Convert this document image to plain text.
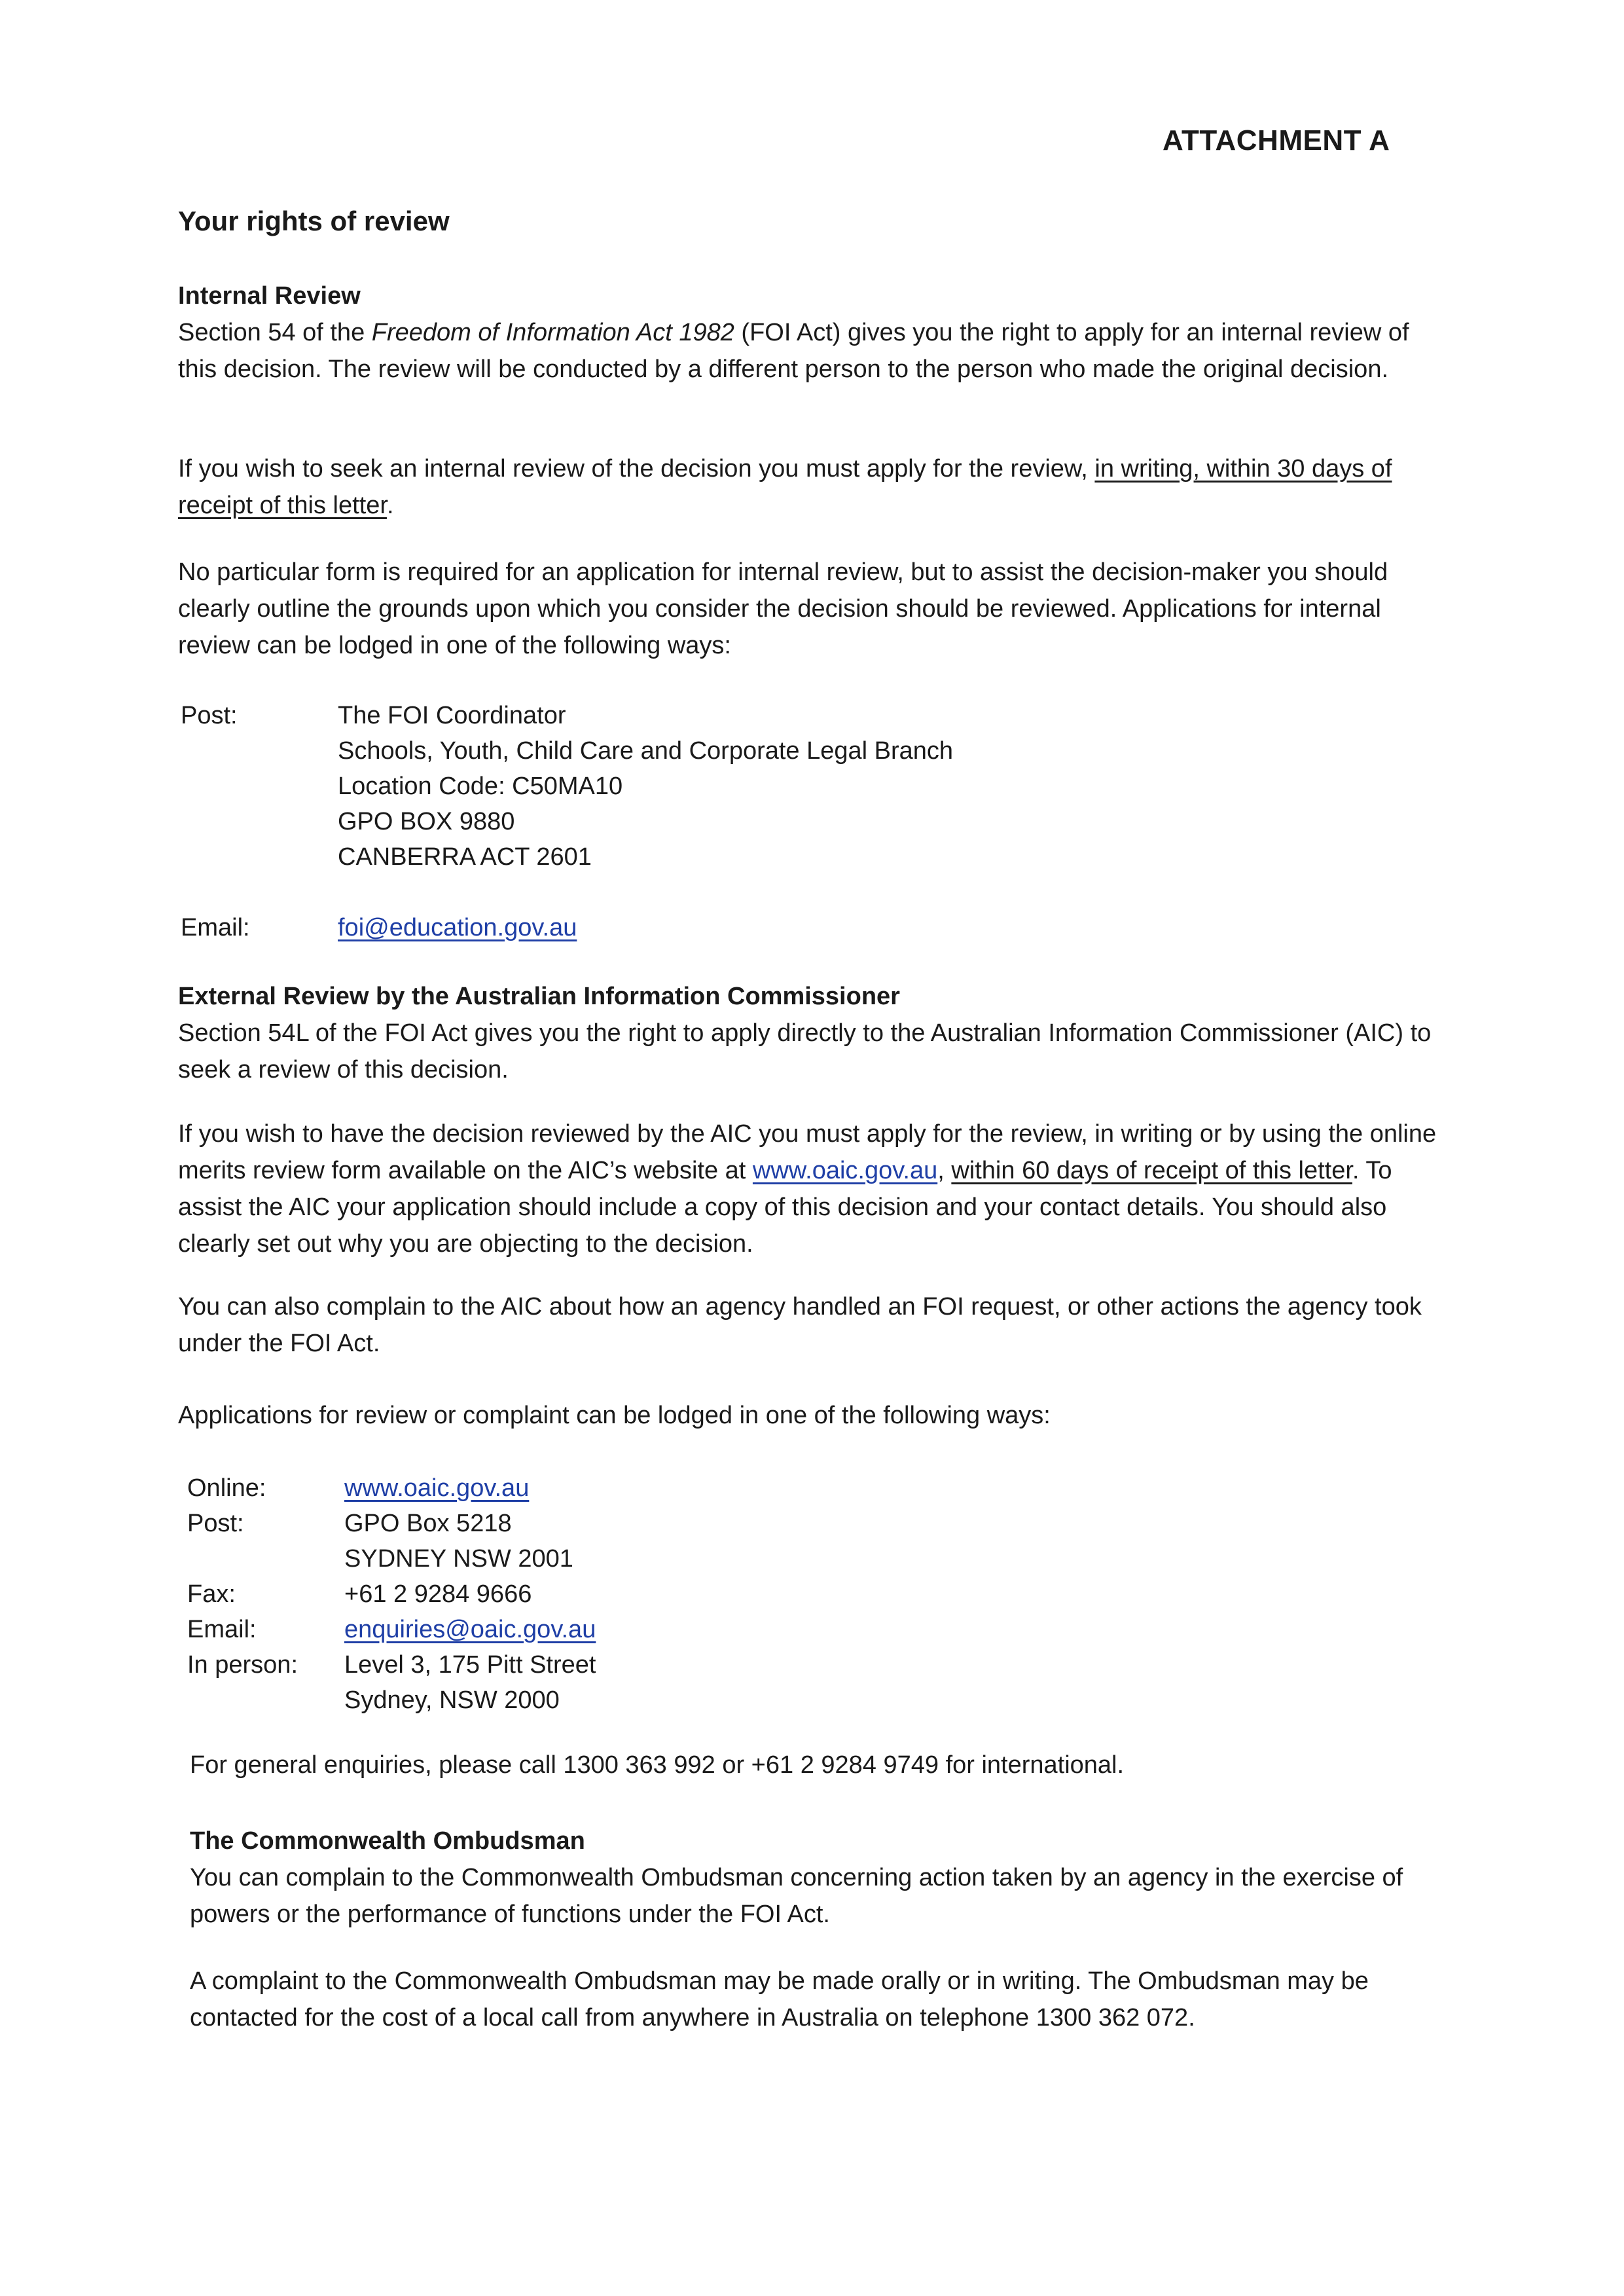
ATTACHMENT A
Your rights of review

Internal Review

Section 54 of the Freedom of Information Act 1982 (FOI Act) gives you the right to apply for an internal review of this decision. The review will be conducted by a different person to the person who made the original decision.

If you wish to seek an internal review of the decision you must apply for the review, in writing, within 30 days of receipt of this letter.

No particular form is required for an application for internal review, but to assist the decision-maker you should clearly outline the grounds upon which you consider the decision should be reviewed. Applications for internal review can be lodged in one of the following ways:

Post:	The FOI Coordinator
Schools, Youth, Child Care and Corporate Legal Branch
Location Code: C50MA10
GPO BOX 9880
CANBERRA ACT 2601
Email:	foi@education.gov.au

External Review by the Australian Information Commissioner

Section 54L of the FOI Act gives you the right to apply directly to the Australian Information Commissioner (AIC) to seek a review of this decision.

If you wish to have the decision reviewed by the AIC you must apply for the review, in writing or by using the online merits review form available on the AIC’s website at www.oaic.gov.au, within 60 days of receipt of this letter. To assist the AIC your application should include a copy of this decision and your contact details. You should also clearly set out why you are objecting to the decision.

You can also complain to the AIC about how an agency handled an FOI request, or other actions the agency took under the FOI Act.

Applications for review or complaint can be lodged in one of the following ways:

Online:	www.oaic.gov.au
Post:	GPO Box 5218
SYDNEY NSW 2001
Fax:	+61 2 9284 9666
Email:	enquiries@oaic.gov.au
In person:	Level 3, 175 Pitt Street
Sydney, NSW 2000

For general enquiries, please call 1300 363 992 or +61 2 9284 9749 for international.

The Commonwealth Ombudsman

You can complain to the Commonwealth Ombudsman concerning action taken by an agency in the exercise of powers or the performance of functions under the FOI Act.

A complaint to the Commonwealth Ombudsman may be made orally or in writing. The Ombudsman may be contacted for the cost of a local call from anywhere in Australia on telephone 1300 362 072.
